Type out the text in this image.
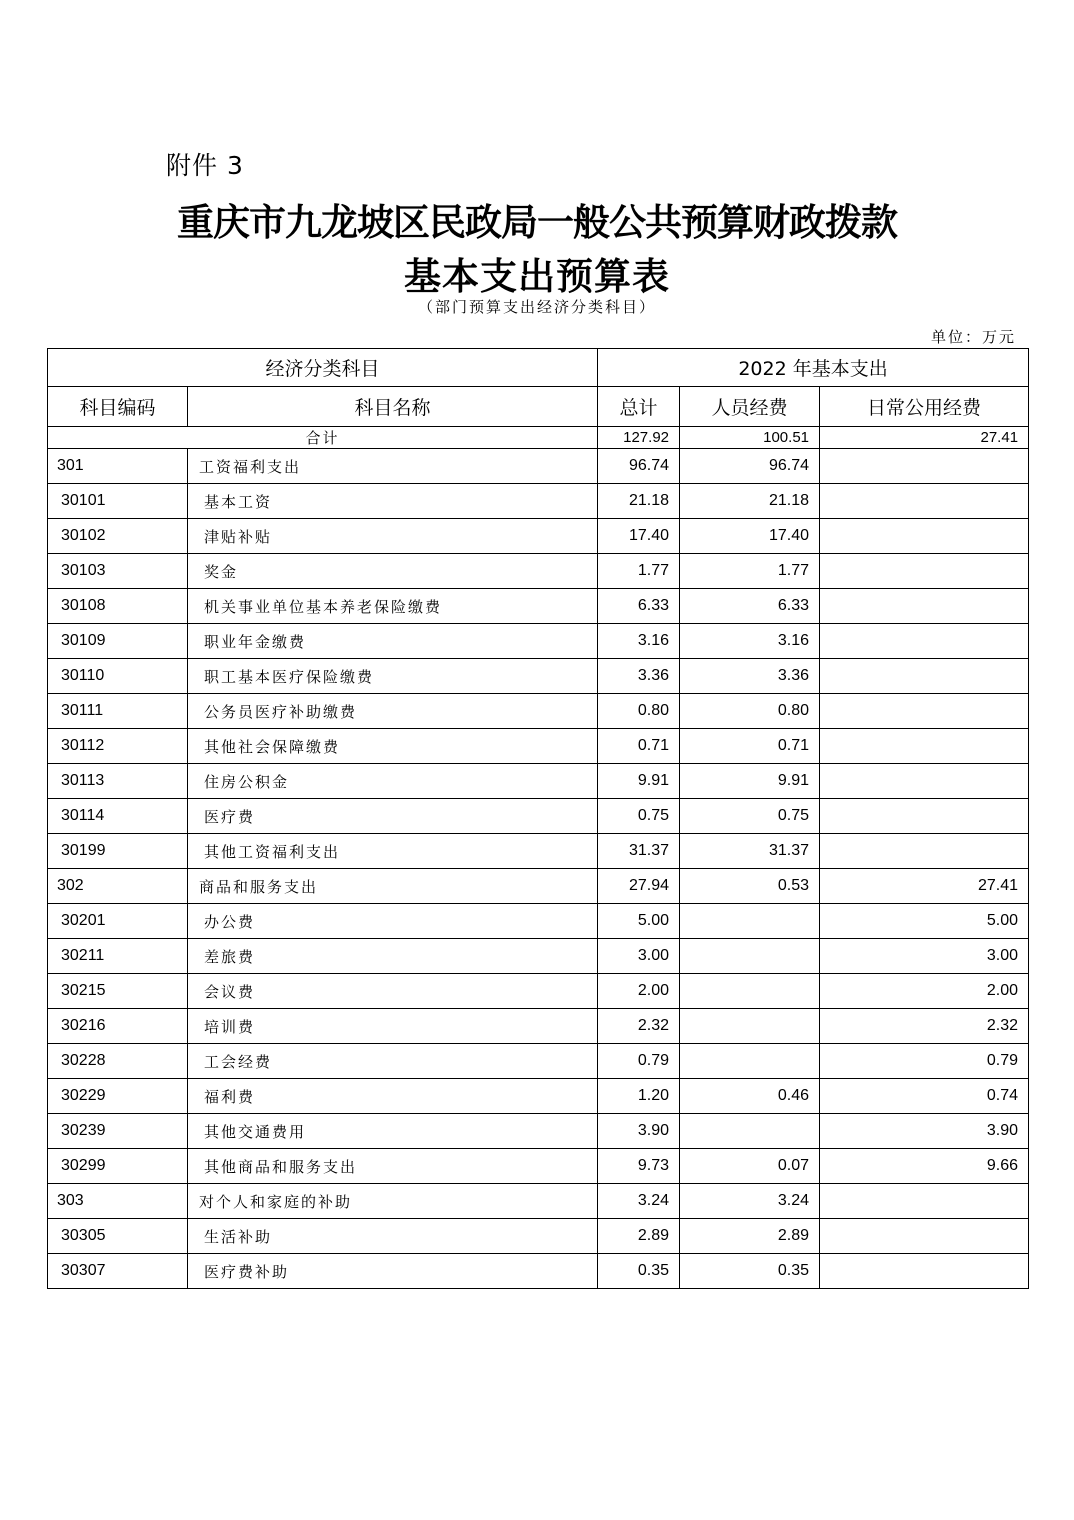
附件 3
重庆市九龙坡区民政局一般公共预算财政拨款
基本支出预算表
（部门预算支出经济分类科目）
单位：万元
经济分类科目		2022 年基本支出		
科目编码	科目名称	总计	人员经费	日常公用经费
合计		127.92	100.51	27.41
301	工资福利支出	96.74	96.74	
30101	基本工资	21.18	21.18	
30102	津贴补贴	17.40	17.40	
30103	奖金	1.77	1.77	
30108	机关事业单位基本养老保险缴费	6.33	6.33	
30109	职业年金缴费	3.16	3.16	
30110	职工基本医疗保险缴费	3.36	3.36	
30111	公务员医疗补助缴费	0.80	0.80	
30112	其他社会保障缴费	0.71	0.71	
30113	住房公积金	9.91	9.91	
30114	医疗费	0.75	0.75	
30199	其他工资福利支出	31.37	31.37	
302	商品和服务支出	27.94	0.53	27.41
30201	办公费	5.00		5.00
30211	差旅费	3.00		3.00
30215	会议费	2.00		2.00
30216	培训费	2.32		2.32
30228	工会经费	0.79		0.79
30229	福利费	1.20	0.46	0.74
30239	其他交通费用	3.90		3.90
30299	其他商品和服务支出	9.73	0.07	9.66
303	对个人和家庭的补助	3.24	3.24	
30305	生活补助	2.89	2.89	
30307	医疗费补助	0.35	0.35	
